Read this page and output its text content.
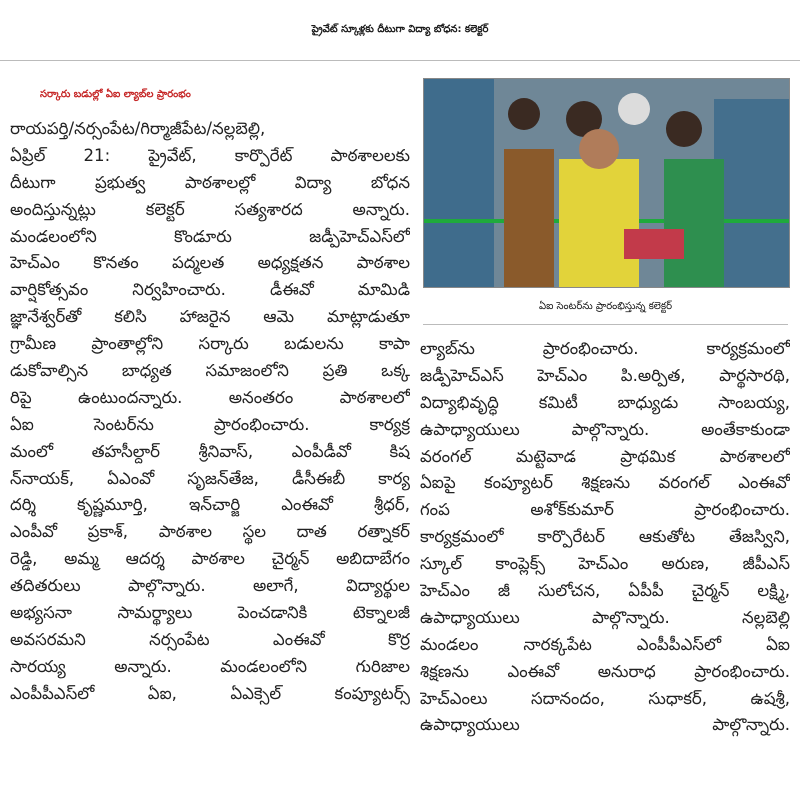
ప్రైవేట్ స్కూళ్లకు దీటుగా విద్యా బోధన: కలెక్టర్
సర్కారు బడుల్లో ఏఐ ల్యాబ్‌ల ప్రారంభం
రాయపర్తి/నర్సంపేట/గిర్మాజీపేట/నల్లబెల్లి,
ఏప్రిల్ 21: ప్రైవేట్, కార్పొరేట్ పాఠశాలలకు
దీటుగా ప్రభుత్వ పాఠశాలల్లో విద్యా బోధన
అందిస్తున్నట్లు కలెక్టర్ సత్యశారద అన్నారు.
మండలంలోని కొండూరు జడ్పీహెచ్‌ఎస్‌లో
హెచ్‌ఎం కొనతం పద్మలత అధ్యక్షతన పాఠశాల
వార్షికోత్సవం నిర్వహించారు. డీఈవో మామిడి
జ్ఞానేశ్వర్‌తో కలిసి హాజరైన ఆమె మాట్లాడుతూ
గ్రామీణ ప్రాంతాల్లోని సర్కారు బడులను కాపా
డుకోవాల్సిన బాధ్యత సమాజంలోని ప్రతి ఒక్క
రిపై ఉంటుందన్నారు. అనంతరం పాఠశాలలో
ఏఐ సెంటర్‌ను ప్రారంభించారు. కార్యక్ర
మంలో తహసీల్దార్ శ్రీనివాస్, ఎంపీడీవో కిష
న్‌నాయక్, ఏఎంవో సృజన్‌తేజ, డీసీఈబీ కార్య
దర్శి కృష్ణమూర్తి, ఇన్‌చార్జి ఎంఈవో శ్రీధర్,
ఎంపీవో ప్రకాశ్, పాఠశాల స్థల దాత రత్నాకర్
రెడ్డి, అమ్మ ఆదర్శ పాఠశాల చైర్మన్ అబిదాబేగం
తదితరులు పాల్గొన్నారు. అలాగే, విద్యార్థుల
అభ్యసనా సామర్థ్యాలు పెంచడానికి టెక్నాలజీ
అవసరమని నర్సంపేట ఎంఈవో కొర్ర
సారయ్య అన్నారు. మండలంలోని గురిజాల
ఎంపీపీఎస్‌లో ఏఐ, ఏఎక్సెల్ కంప్యూటర్స్
ఏఐ సెంటర్‌ను ప్రారంభిస్తున్న కలెక్టర్
ల్యాబ్‌ను ప్రారంభించారు. కార్యక్రమంలో
జడ్పీహెచ్‌ఎస్ హెచ్‌ఎం పి.అర్పిత, పార్థసారథి,
విద్యాభివృద్ధి కమిటీ బాధ్యుడు సాంబయ్య,
ఉపాధ్యాయులు పాల్గొన్నారు. అంతేకాకుండా
వరంగల్ మట్టెవాడ ప్రాథమిక పాఠశాలలో
ఏఐపై కంప్యూటర్ శిక్షణను వరంగల్ ఎంఈవో
గంప అశోక్‌కుమార్ ప్రారంభించారు.
కార్యక్రమంలో కార్పొరేటర్ ఆకుతోట తేజస్విని,
స్కూల్ కాంప్లెక్స్ హెచ్‌ఎం అరుణ, జీపీఎస్
హెచ్‌ఎం జీ సులోచన, ఏపీపీ చైర్మన్ లక్ష్మి,
ఉపాధ్యాయులు పాల్గొన్నారు. నల్లబెల్లి
మండలం నారక్కపేట ఎంపీపీఎస్‌లో ఏఐ
శిక్షణను ఎంఈవో అనురాధ ప్రారంభించారు.
హెచ్‌ఎంలు సదానందం, సుధాకర్, ఉషశ్రీ,
ఉపాధ్యాయులు పాల్గొన్నారు.
